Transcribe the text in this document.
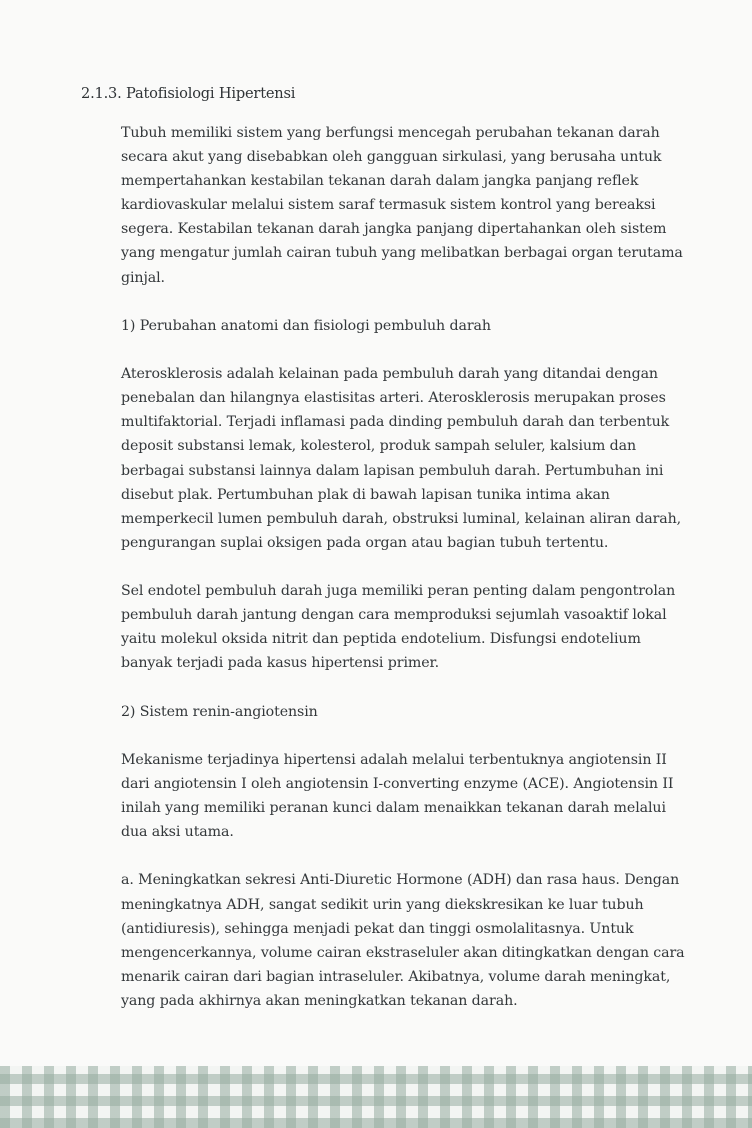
2.1.3. Patofisiologi Hipertensi

Tubuh memiliki sistem yang berfungsi mencegah perubahan tekanan darah
secara akut yang disebabkan oleh gangguan sirkulasi, yang berusaha untuk
mempertahankan kestabilan tekanan darah dalam jangka panjang reflek
kardiovaskular melalui sistem saraf termasuk sistem kontrol yang bereaksi
segera. Kestabilan tekanan darah jangka panjang dipertahankan oleh sistem
yang mengatur jumlah cairan tubuh yang melibatkan berbagai organ terutama
ginjal.

1) Perubahan anatomi dan fisiologi pembuluh darah

Aterosklerosis adalah kelainan pada pembuluh darah yang ditandai dengan
penebalan dan hilangnya elastisitas arteri. Aterosklerosis merupakan proses
multifaktorial. Terjadi inflamasi pada dinding pembuluh darah dan terbentuk
deposit substansi lemak, kolesterol, produk sampah seluler, kalsium dan
berbagai substansi lainnya dalam lapisan pembuluh darah. Pertumbuhan ini
disebut plak. Pertumbuhan plak di bawah lapisan tunika intima akan
memperkecil lumen pembuluh darah, obstruksi luminal, kelainan aliran darah,
pengurangan suplai oksigen pada organ atau bagian tubuh tertentu.

Sel endotel pembuluh darah juga memiliki peran penting dalam pengontrolan
pembuluh darah jantung dengan cara memproduksi sejumlah vasoaktif lokal
yaitu molekul oksida nitrit dan peptida endotelium. Disfungsi endotelium
banyak terjadi pada kasus hipertensi primer.

2) Sistem renin-angiotensin

Mekanisme terjadinya hipertensi adalah melalui terbentuknya angiotensin II
dari angiotensin I oleh angiotensin I-converting enzyme (ACE). Angiotensin II
inilah yang memiliki peranan kunci dalam menaikkan tekanan darah melalui
dua aksi utama.

a. Meningkatkan sekresi Anti-Diuretic Hormone (ADH) dan rasa haus. Dengan
meningkatnya ADH, sangat sedikit urin yang diekskresikan ke luar tubuh
(antidiuresis), sehingga menjadi pekat dan tinggi osmolalitasnya. Untuk
mengencerkannya, volume cairan ekstraseluler akan ditingkatkan dengan cara
menarik cairan dari bagian intraseluler. Akibatnya, volume darah meningkat,
yang pada akhirnya akan meningkatkan tekanan darah.
